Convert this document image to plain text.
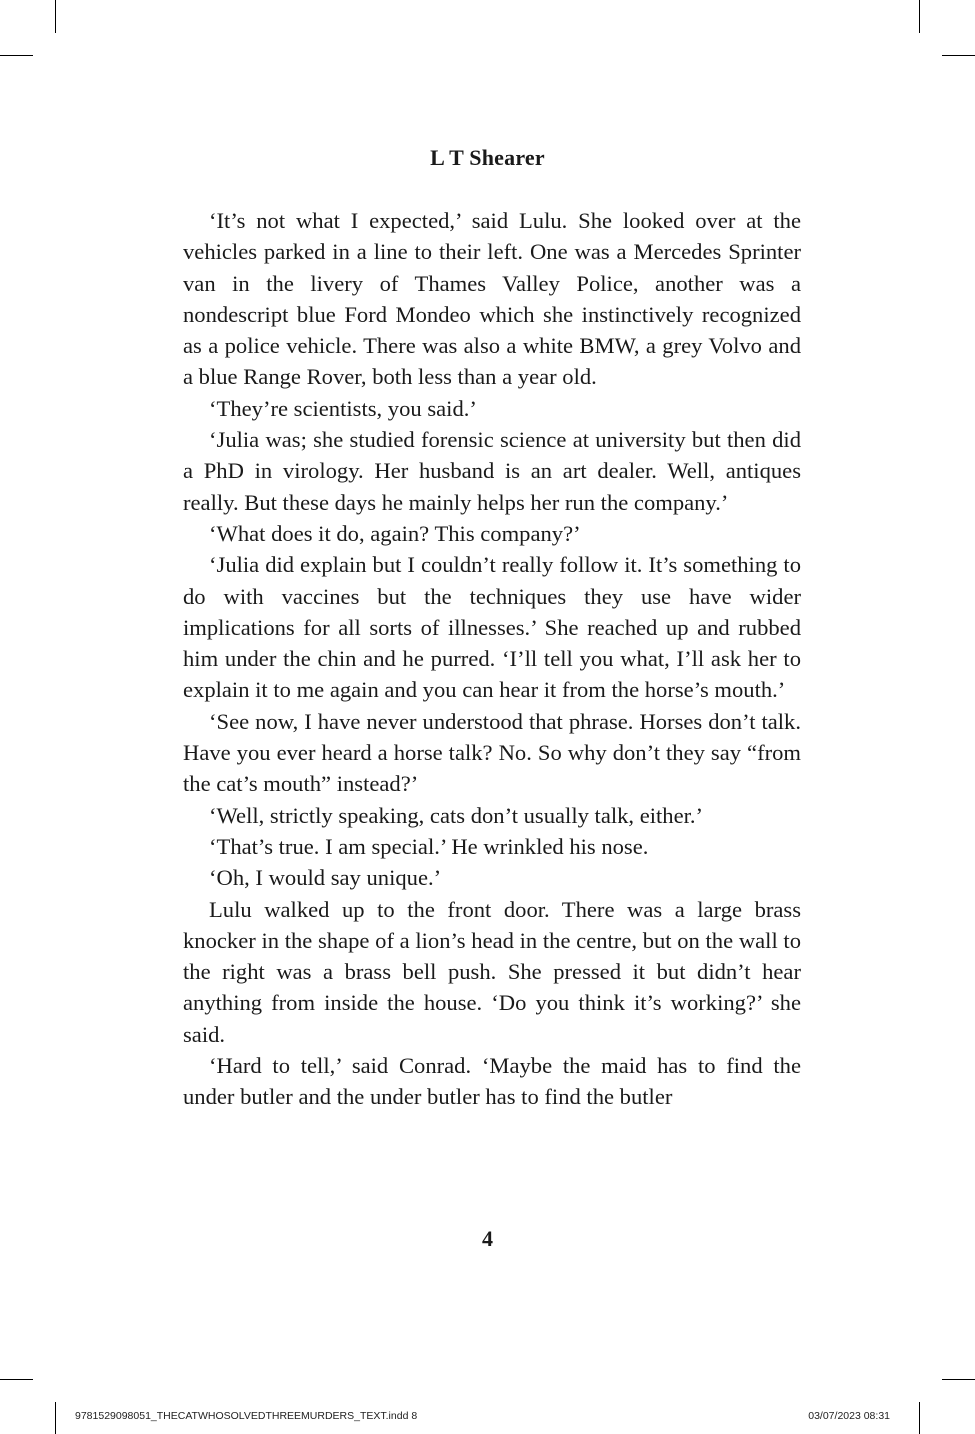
L T Shearer

‘It’s not what I expected,’ said Lulu. She looked over at the vehicles parked in a line to their left. One was a Mercedes Sprinter van in the livery of Thames Valley Police, another was a nondescript blue Ford Mondeo which she instinctively recognized as a police vehicle. There was also a white BMW, a grey Volvo and a blue Range Rover, both less than a year old.

‘They’re scientists, you said.’

‘Julia was; she studied forensic science at university but then did a PhD in virology. Her husband is an art dealer. Well, antiques really. But these days he mainly helps her run the company.’

‘What does it do, again? This company?’

‘Julia did explain but I couldn’t really follow it. It’s something to do with vaccines but the techniques they use have wider implications for all sorts of illnesses.’ She reached up and rubbed him under the chin and he purred. ‘I’ll tell you what, I’ll ask her to explain it to me again and you can hear it from the horse’s mouth.’

‘See now, I have never understood that phrase. Horses don’t talk. Have you ever heard a horse talk? No. So why don’t they say “from the cat’s mouth” instead?’

‘Well, strictly speaking, cats don’t usually talk, either.’

‘That’s true. I am special.’ He wrinkled his nose.

‘Oh, I would say unique.’

Lulu walked up to the front door. There was a large brass knocker in the shape of a lion’s head in the centre, but on the wall to the right was a brass bell push. She pressed it but didn’t hear anything from inside the house. ‘Do you think it’s working?’ she said.

‘Hard to tell,’ said Conrad. ‘Maybe the maid has to find the under butler and the under butler has to find the butler

4

9781529098051_THECATWHOSOLVEDTHREEMURDERS_TEXT.indd 8	03/07/2023 08:31
